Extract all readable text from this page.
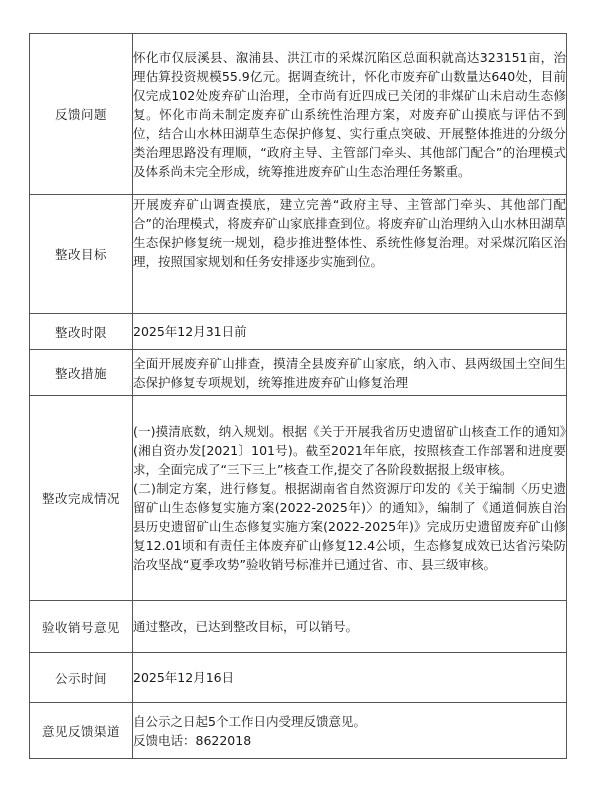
反馈问题	怀化市仅辰溪县、溆浦县、洪江市的采煤沉陷区总面积就高达323151亩，治理估算投资规模55.9亿元。据调查统计，怀化市废弃矿山数量达640处，目前仅完成102处废弃矿山治理，全市尚有近四成已关闭的非煤矿山未启动生态修复。怀化市尚未制定废弃矿山系统性治理方案，对废弃矿山摸底与评估不到位，结合山水林田湖草生态保护修复、实行重点突破、开展整体推进的分级分类治理思路没有理顺，“政府主导、主管部门牵头、其他部门配合”的治理模式及体系尚未完全形成，统筹推进废弃矿山生态治理任务繁重。

整改目标	开展废弃矿山调查摸底，建立完善“政府主导、主管部门牵头、其他部门配合”的治理模式，将废弃矿山家底排查到位。将废弃矿山治理纳入山水林田湖草生态保护修复统一规划，稳步推进整体性、系统性修复治理。对采煤沉陷区治理，按照国家规划和任务安排逐步实施到位。

整改时限	2025年12月31日前

整改措施	全面开展废弃矿山排查，摸清全县废弃矿山家底，纳入市、县两级国土空间生态保护修复专项规划，统筹推进废弃矿山修复治理

整改完成情况	(一)摸清底数，纳入规划。根据《关于开展我省历史遗留矿山核查工作的通知》(湘自资办发[2021〕101号)。截至2021年年底，按照核查工作部署和进度要求，全面完成了“三下三上”核查工作,提交了各阶段数据报上级审核。
(二)制定方案，进行修复。根据湖南省自然资源厅印发的《关于编制〈历史遗留矿山生态修复实施方案(2022-2025年)〉的通知》，编制了《通道侗族自治县历史遗留矿山生态修复实施方案(2022-2025年)》完成历史遗留废弃矿山修复12.01顷和有责任主体废弃矿山修复12.4公顷，生态修复成效已达省污染防治攻坚战“夏季攻势”验收销号标准并已通过省、市、县三级审核。

验收销号意见	通过整改，已达到整改目标，可以销号。

公示时间	2025年12月16日

意见反馈渠道	自公示之日起5个工作日内受理反馈意见。
反馈电话：8622018
